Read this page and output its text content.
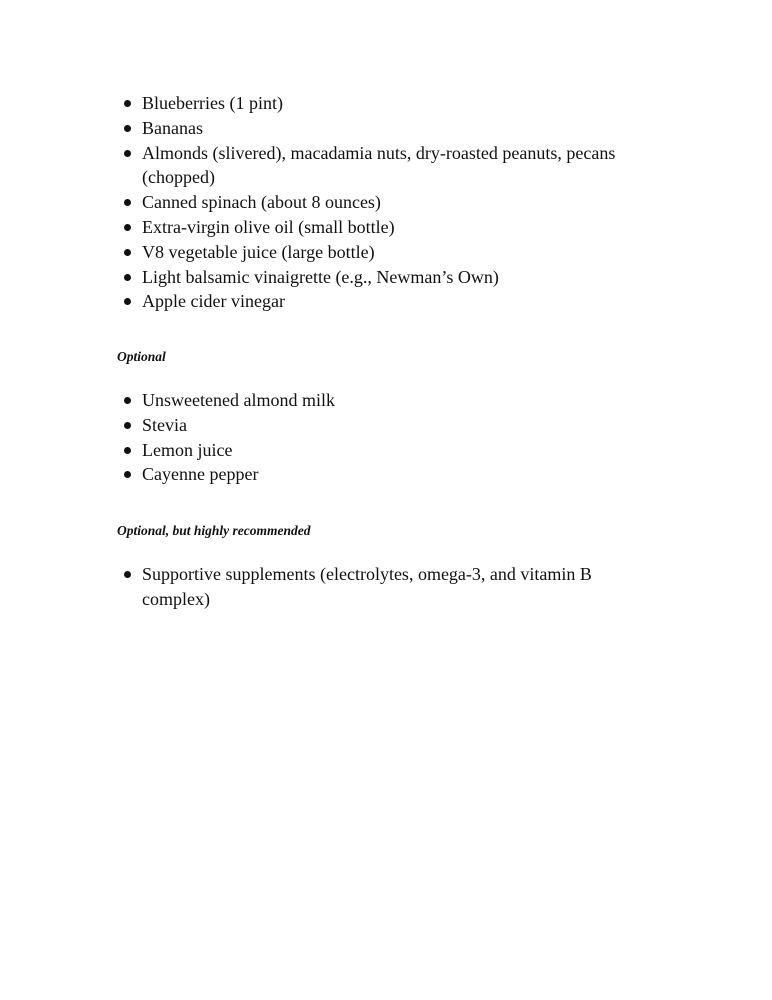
Blueberries (1 pint)
Bananas
Almonds (slivered), macadamia nuts, dry-roasted peanuts, pecans (chopped)
Canned spinach (about 8 ounces)
Extra-virgin olive oil (small bottle)
V8 vegetable juice (large bottle)
Light balsamic vinaigrette (e.g., Newman’s Own)
Apple cider vinegar
Optional
Unsweetened almond milk
Stevia
Lemon juice
Cayenne pepper
Optional, but highly recommended
Supportive supplements (electrolytes, omega-3, and vitamin B complex)
